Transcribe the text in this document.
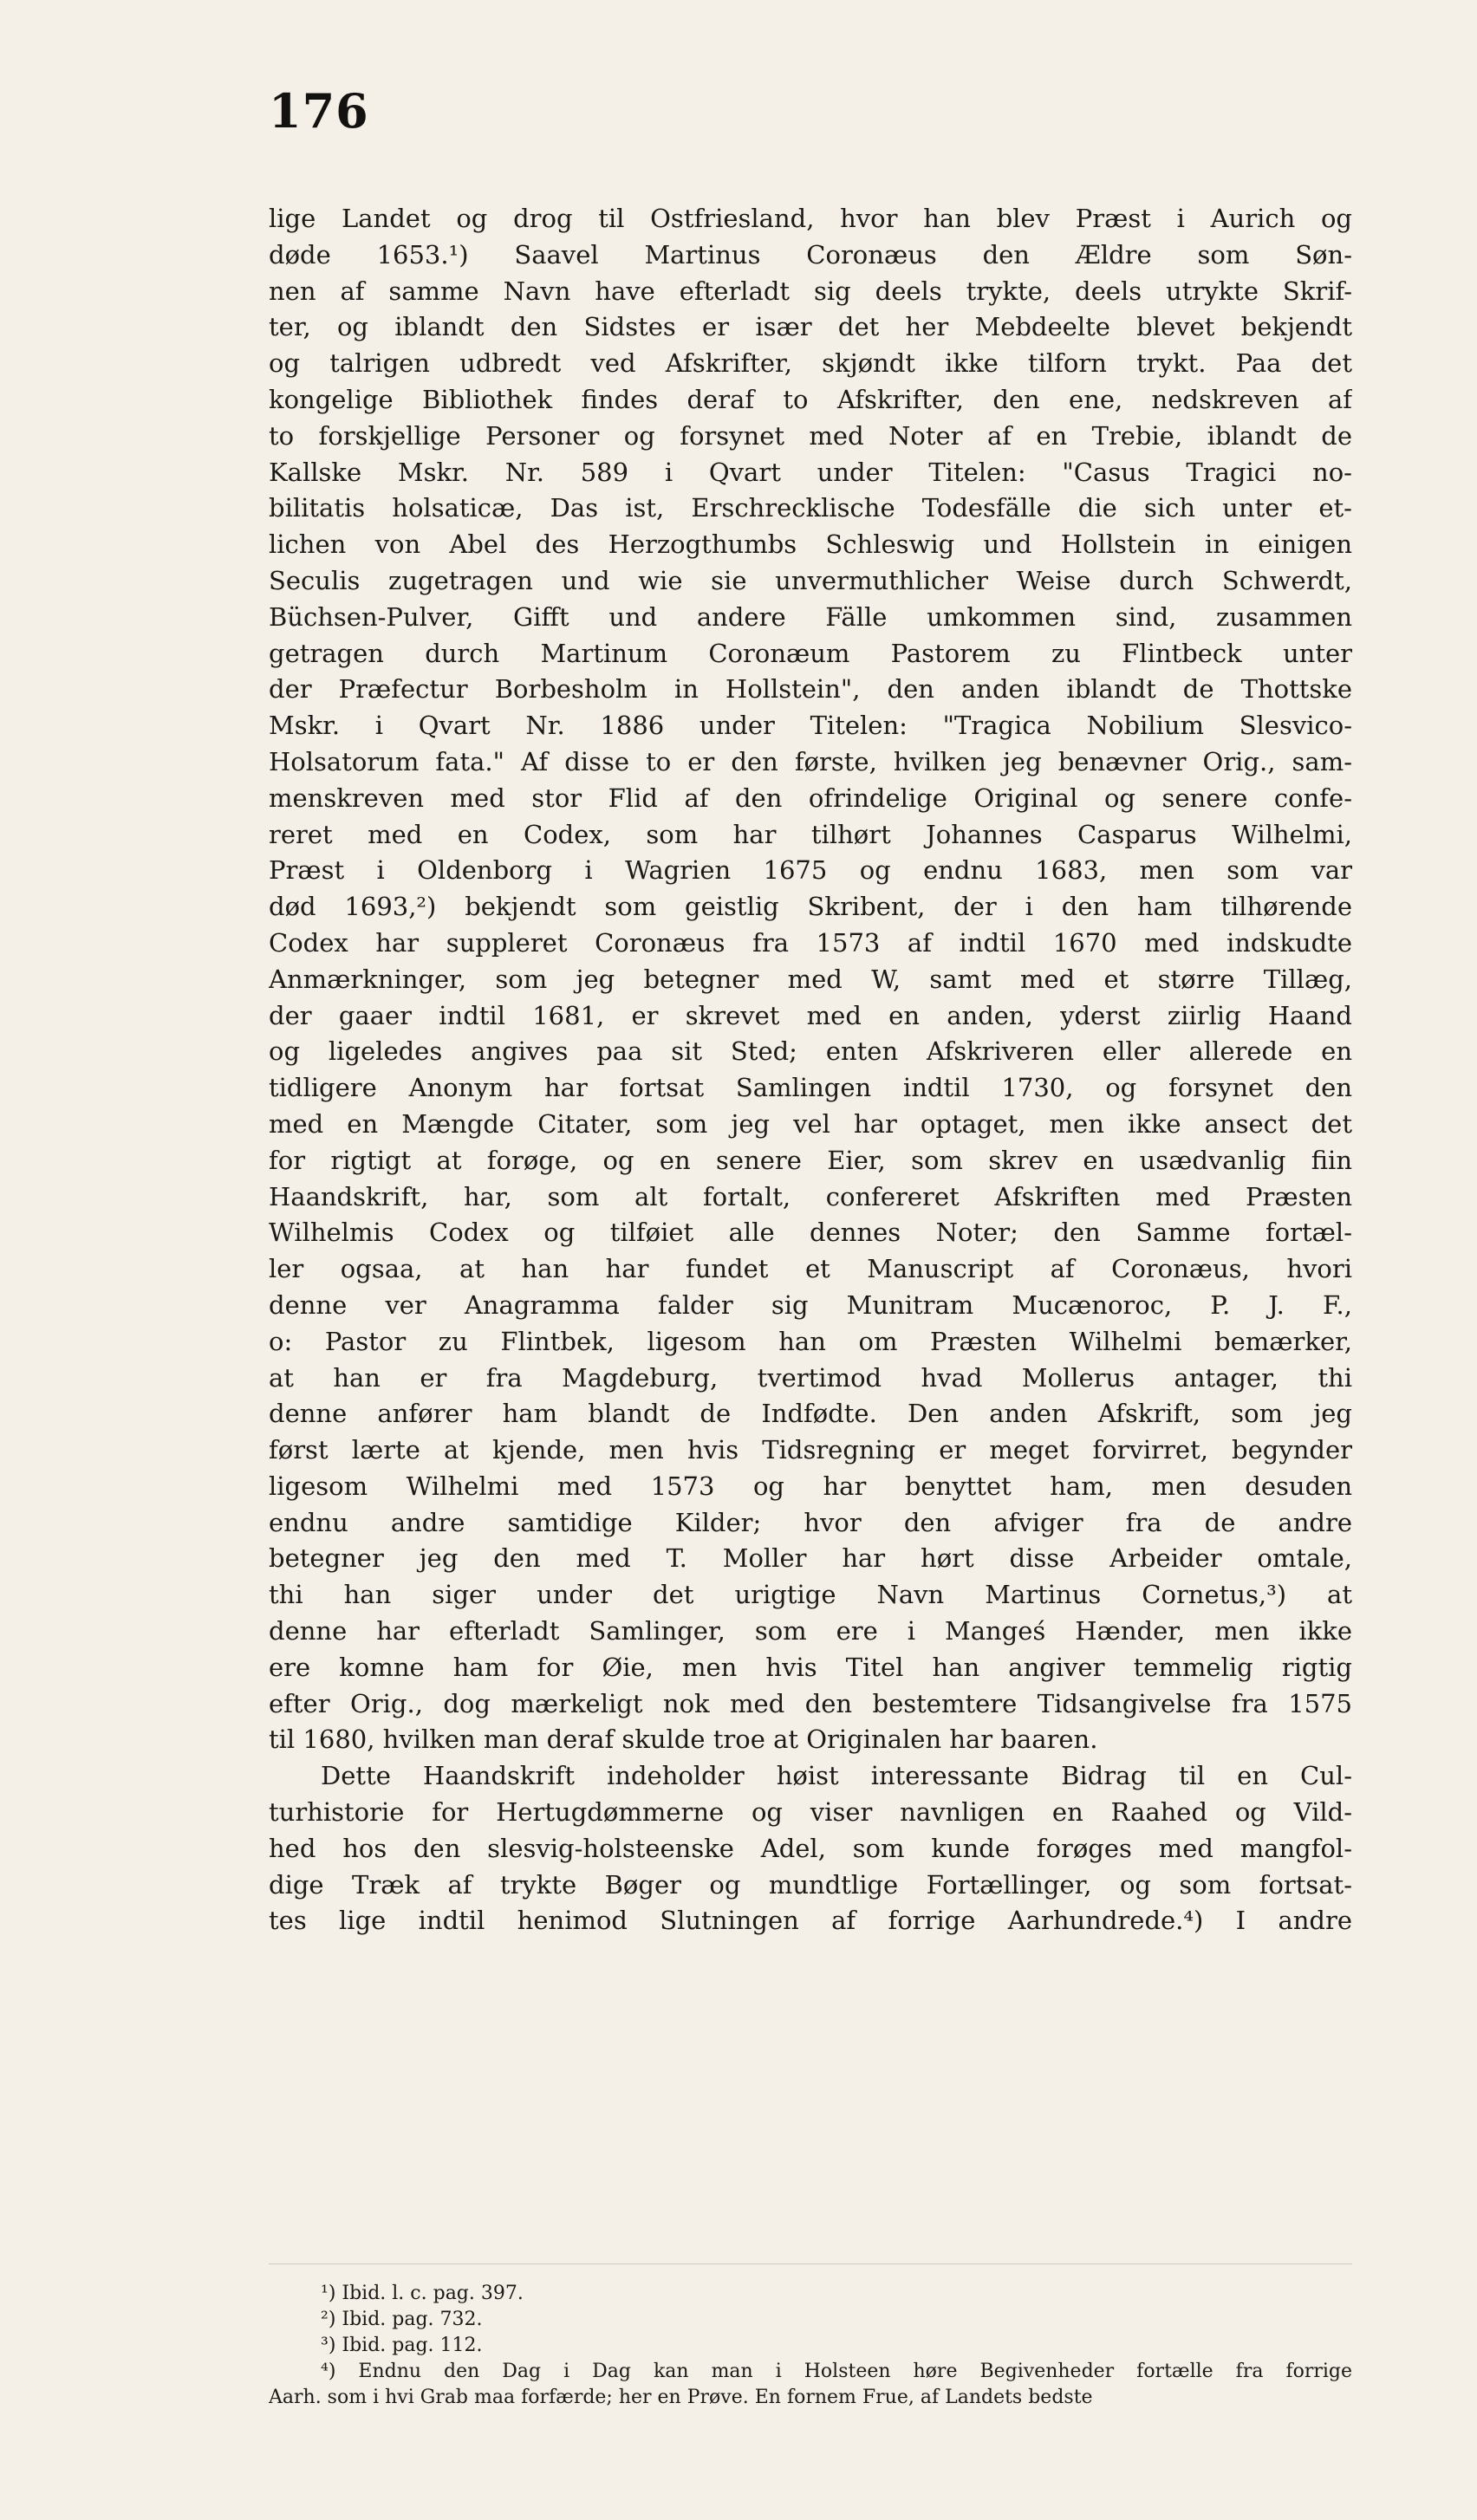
176
lige Landet og drog til Ostfriesland, hvor han blev Præst i Aurich og
døde 1653.¹) Saavel Martinus Coronæus den Ældre som Søn-
nen af samme Navn have efterladt sig deels trykte, deels utrykte Skrif-
ter, og iblandt den Sidstes er især det her Mebdeelte blevet bekjendt
og talrigen udbredt ved Afskrifter, skjøndt ikke tilforn trykt. Paa det
kongelige Bibliothek findes deraf to Afskrifter, den ene, nedskreven af
to forskjellige Personer og forsynet med Noter af en Trebie, iblandt de
Kallske Mskr. Nr. 589 i Qvart under Titelen: "Casus Tragici no-
bilitatis holsaticæ, Das ist, Erschrecklische Todesfälle die sich unter et-
lichen von Abel des Herzogthumbs Schleswig und Hollstein in einigen
Seculis zugetragen und wie sie unvermuthlicher Weise durch Schwerdt,
Büchsen-Pulver, Gifft und andere Fälle umkommen sind, zusammen
getragen durch Martinum Coronæum Pastorem zu Flintbeck unter
der Præfectur Borbesholm in Hollstein", den anden iblandt de Thottske
Mskr. i Qvart Nr. 1886 under Titelen: "Tragica Nobilium Slesvico-
Holsatorum fata." Af disse to er den første, hvilken jeg benævner Orig., sam-
menskreven med stor Flid af den ofrindelige Original og senere confe-
reret med en Codex, som har tilhørt Johannes Casparus Wilhelmi,
Præst i Oldenborg i Wagrien 1675 og endnu 1683, men som var
død 1693,²) bekjendt som geistlig Skribent, der i den ham tilhørende
Codex har suppleret Coronæus fra 1573 af indtil 1670 med indskudte
Anmærkninger, som jeg betegner med W, samt med et større Tillæg,
der gaaer indtil 1681, er skrevet med en anden, yderst ziirlig Haand
og ligeledes angives paa sit Sted; enten Afskriveren eller allerede en
tidligere Anonym har fortsat Samlingen indtil 1730, og forsynet den
med en Mængde Citater, som jeg vel har optaget, men ikke ansect det
for rigtigt at forøge, og en senere Eier, som skrev en usædvanlig fiin
Haandskrift, har, som alt fortalt, confereret Afskriften med Præsten
Wilhelmis Codex og tilføiet alle dennes Noter; den Samme fortæl-
ler ogsaa, at han har fundet et Manuscript af Coronæus, hvori
denne ver Anagramma falder sig Munitram Mucænoroc, P. J. F.,
o: Pastor zu Flintbek, ligesom han om Præsten Wilhelmi bemærker,
at han er fra Magdeburg, tvertimod hvad Mollerus antager, thi
denne anfører ham blandt de Indfødte. Den anden Afskrift, som jeg
først lærte at kjende, men hvis Tidsregning er meget forvirret, begynder
ligesom Wilhelmi med 1573 og har benyttet ham, men desuden
endnu andre samtidige Kilder; hvor den afviger fra de andre
betegner jeg den med T. Moller har hørt disse Arbeider omtale,
thi han siger under det urigtige Navn Martinus Cornetus,³) at
denne har efterladt Samlinger, som ere i Mangeś Hænder, men ikke
ere komne ham for Øie, men hvis Titel han angiver temmelig rigtig
efter Orig., dog mærkeligt nok med den bestemtere Tidsangivelse fra 1575
til 1680, hvilken man deraf skulde troe at Originalen har baaren.
Dette Haandskrift indeholder høist interessante Bidrag til en Cul-
turhistorie for Hertugdømmerne og viser navnligen en Raahed og Vild-
hed hos den slesvig-holsteenske Adel, som kunde forøges med mangfol-
dige Træk af trykte Bøger og mundtlige Fortællinger, og som fortsat-
tes lige indtil henimod Slutningen af forrige Aarhundrede.⁴) I andre
¹) Ibid. l. c. pag. 397.
²) Ibid. pag. 732.
³) Ibid. pag. 112.
⁴) Endnu den Dag i Dag kan man i Holsteen høre Begivenheder fortælle fra forrige
Aarh. som i hvi Grab maa forfærde; her en Prøve. En fornem Frue, af Landets bedste
